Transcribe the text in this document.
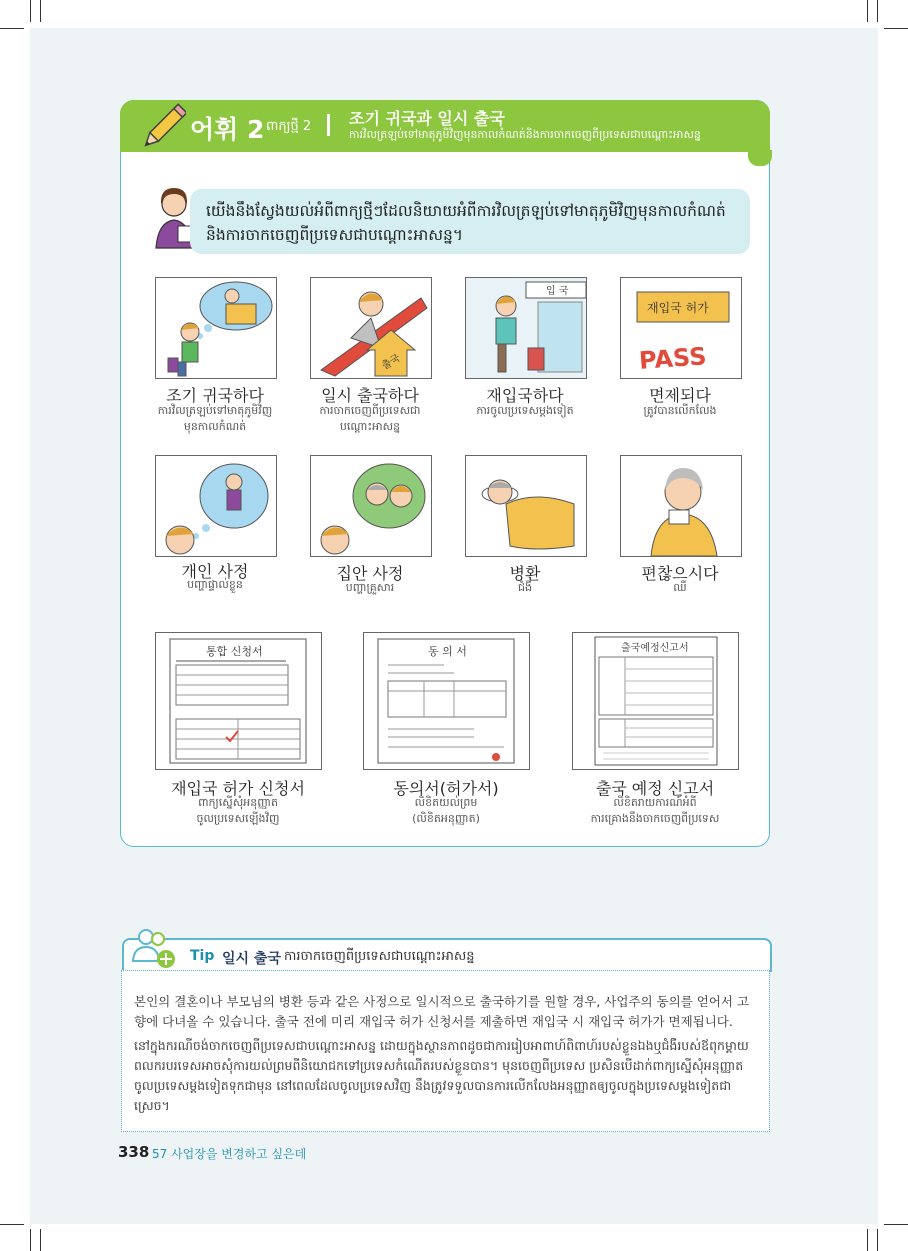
어휘 2 ពាក្យថ្មី 2 조기 귀국과 일시 출국
ការវិលត្រឡប់ទៅមាតុភូមិវិញមុនកាលកំណត់និងការចាកចេញពីប្រទេសជាបណ្តោះអាសន្ន
យើងនឹងស្វែងយល់អំពីពាក្យថ្មីៗដែលនិយាយអំពីការវិលត្រឡប់ទៅមាតុភូមិវិញមុនកាលកំណត់
និងការចាកចេញពីប្រទេសជាបណ្តោះអាសន្ន។
출국
입 국
재입국 허가
PASS
조기 귀국하다
ការវិលត្រឡប់ទៅមាតុភូមិវិញ
មុនកាលកំណត់
일시 출국하다
ការចាកចេញពីប្រទេសជា
បណ្តោះអាសន្ន
재입국하다
ការចូលប្រទេសម្តងទៀត
면제되다
ត្រូវបានលើកលែង
개인 사정
បញ្ហាផ្ទាល់ខ្លួន
집안 사정
បញ្ហាគ្រួសារ
병환
ជំងឺ
편찮으시다
ឈឺ
통합 신청서	동 의 서	출국예정신고서
재입국 허가 신청서
ពាក្យស្នើសុំអនុញ្ញាត
ចូលប្រទេសឡើងវិញ
동의서(허가서)
លិខិតយល់ព្រម
(លិខិតអនុញ្ញាត)
출국 예정 신고서
លិខិតរាយការណ៍អំពី
ការគ្រោងនឹងចាកចេញពីប្រទេស
Tip 일시 출국 ការចាកចេញពីប្រទេសជាបណ្តោះអាសន្ន
본인의 결혼이나 부모님의 병환 등과 같은 사정으로 일시적으로 출국하기를 원할 경우, 사업주의 동의를 얻어서 고향에 다녀올 수 있습니다. 출국 전에 미리 재입국 허가 신청서를 제출하면 재입국 시 재입국 허가가 면제됩니다.
នៅក្នុងករណីចង់ចាកចេញពីប្រទេសជាបណ្តោះអាសន្ន ដោយក្នុងស្ថានភាពដូចជាការរៀបអាពាហ៍ពិពាហ៍របស់ខ្លួនឯងឬជំងឺរបស់ឪពុកម្តាយ ពលករបរទេសអាចសុំការយល់ព្រមពីនិយោជកទៅប្រទេសកំណើតរបស់ខ្លួនបាន។ មុនចេញពីប្រទេស ប្រសិនបើដាក់ពាក្យស្នើសុំអនុញ្ញាតចូលប្រទេសម្តងទៀតទុកជាមុន នៅពេលដែលចូលប្រទេសវិញ នឹងត្រូវទទួលបានការលើកលែងអនុញ្ញាតឲ្យចូលក្នុងប្រទេសម្តងទៀតជាស្រេច។
338 57 사업장을 변경하고 싶은데
